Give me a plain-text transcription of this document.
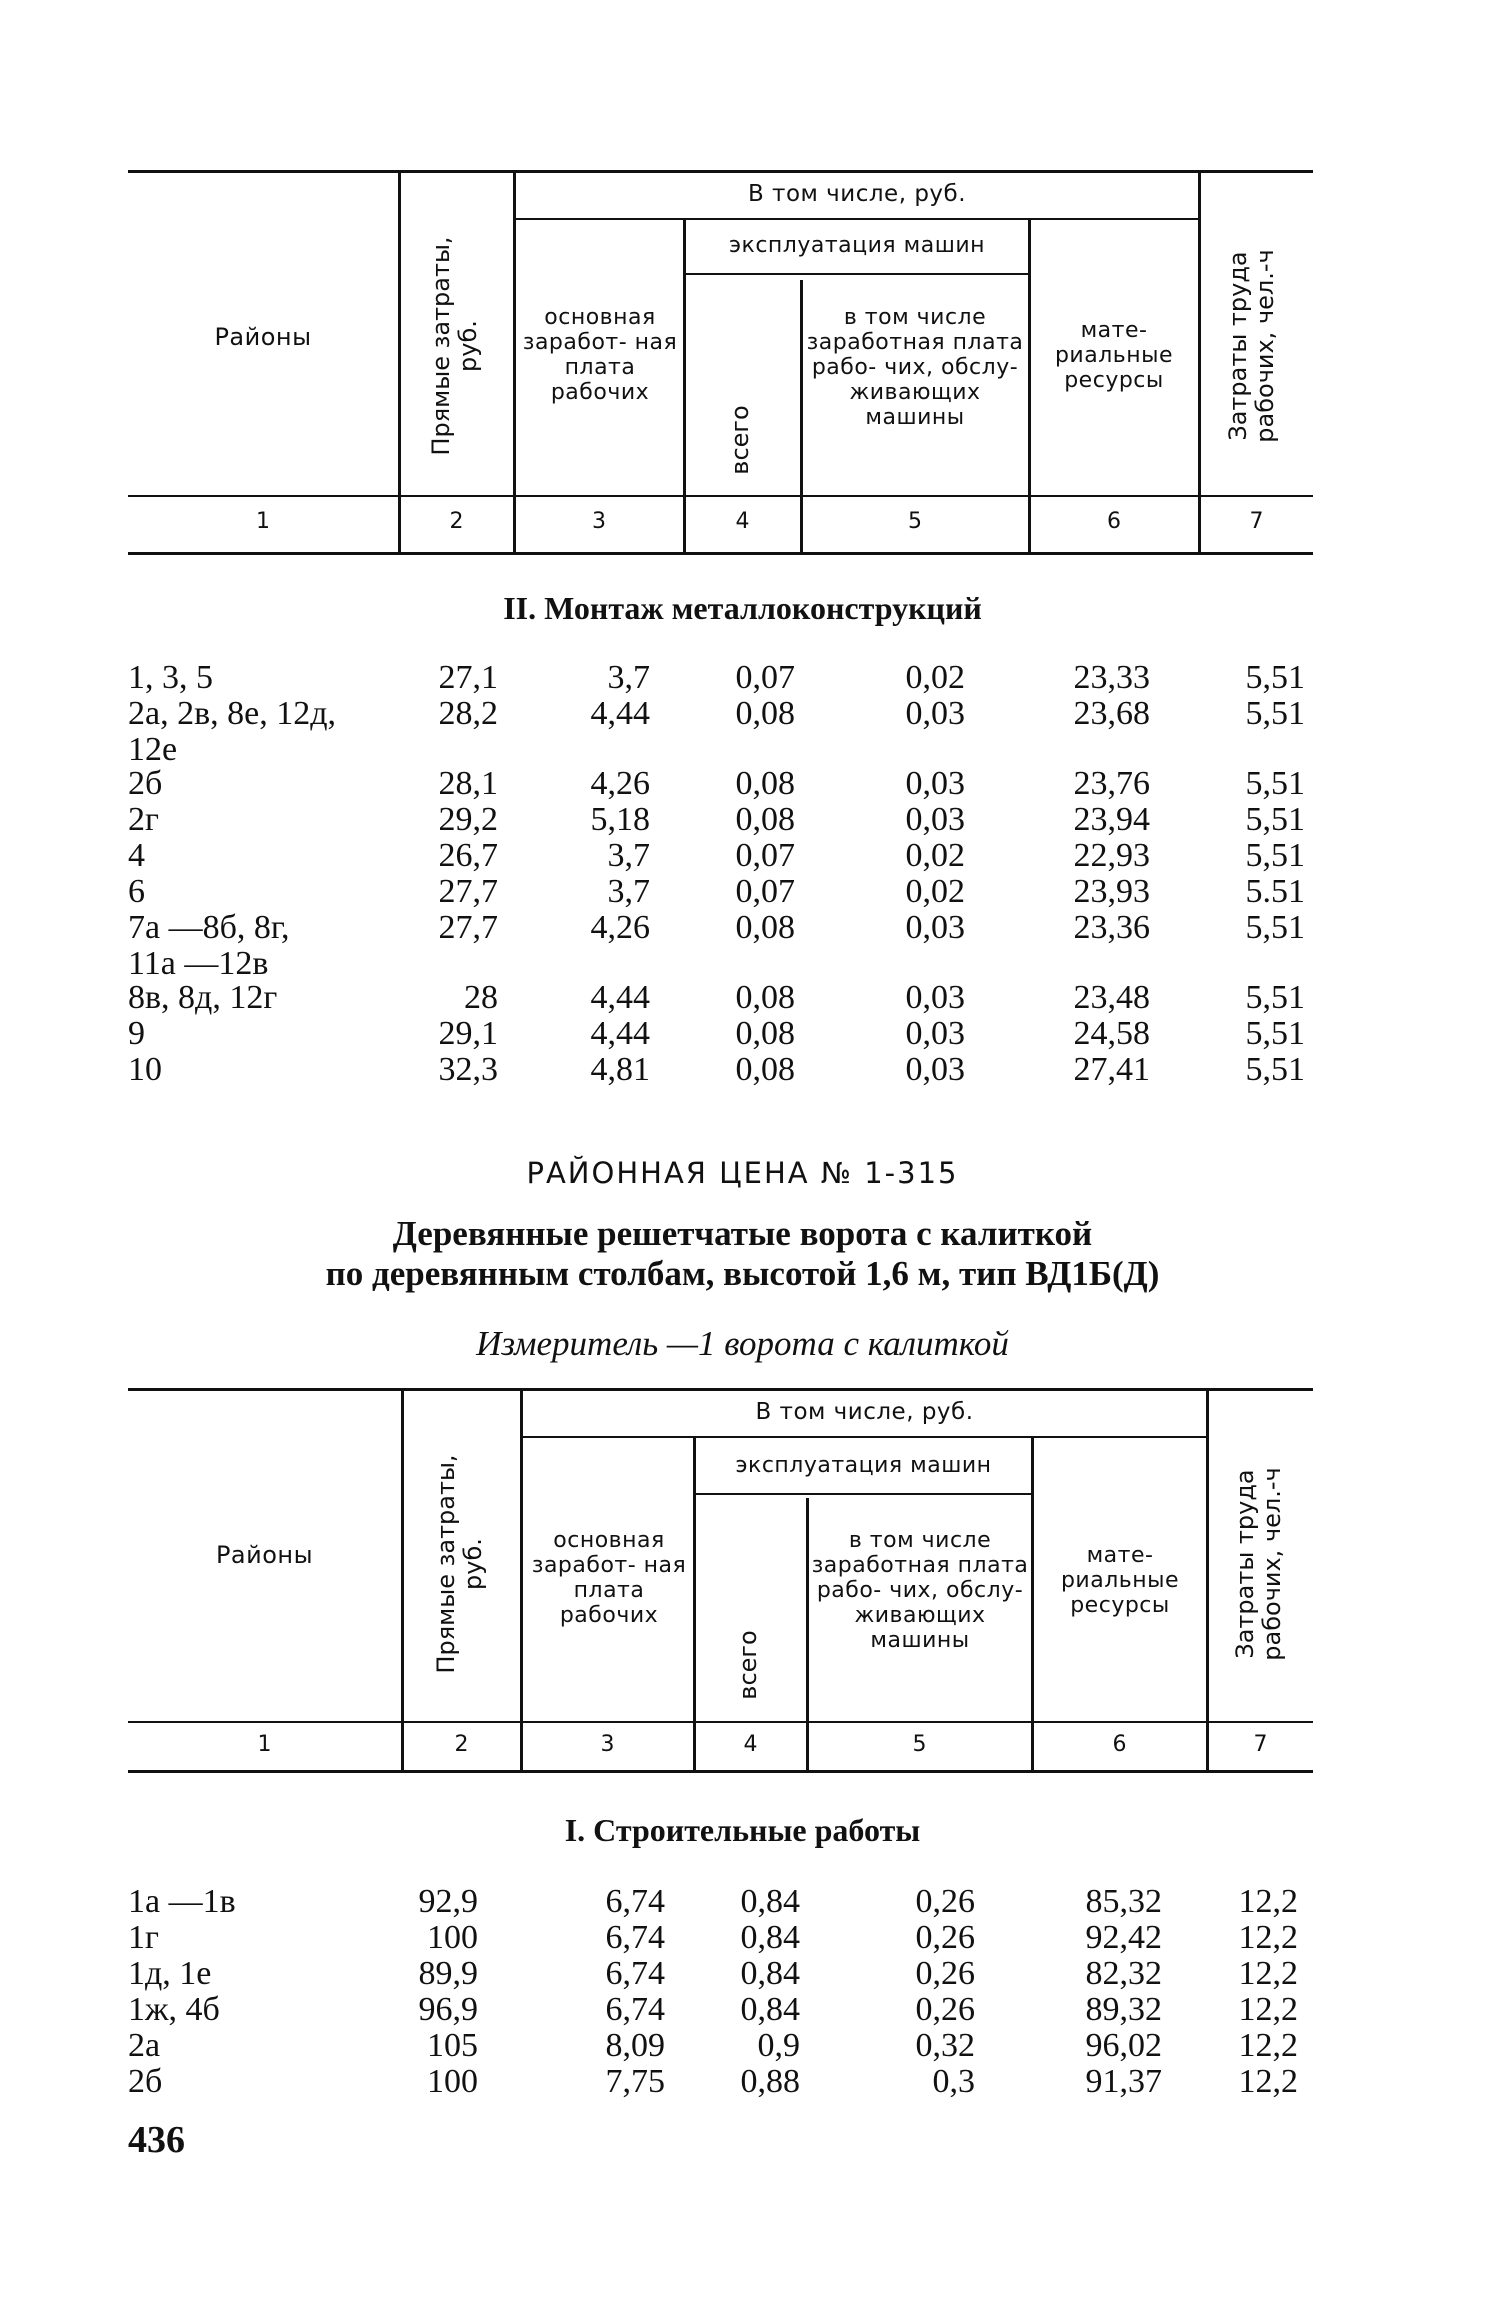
Районы	Прямые затраты, руб.
В том числе, руб.
основная заработ- ная плата рабочих
эксплуатация машин
всего
в том числе заработная плата рабо- чих, обслу- живающих машины
мате- риальные ресурсы	Затраты труда рабочих, чел.-ч
1	2	3	4	5	6	7
II. Монтаж металлоконструкций
1, 3, 5	27,1	3,7	0,07	0,02	23,33	5,51
2а, 2в, 8е, 12д,	28,2	4,44	0,08	0,03	23,68	5,51
12е
2б	28,1	4,26	0,08	0,03	23,76	5,51
2г	29,2	5,18	0,08	0,03	23,94	5,51
4	26,7	3,7	0,07	0,02	22,93	5,51
6	27,7	3,7	0,07	0,02	23,93	5.51
7а —8б, 8г,	27,7	4,26	0,08	0,03	23,36	5,51
11а —12в
8в, 8д, 12г	28	4,44	0,08	0,03	23,48	5,51
9	29,1	4,44	0,08	0,03	24,58	5,51
10	32,3	4,81	0,08	0,03	27,41	5,51
РАЙОННАЯ ЦЕНА № 1-315
Деревянные решетчатые ворота с калиткой
по деревянным столбам, высотой 1,6 м, тип ВД1Б(Д)
Измеритель —1 ворота с калиткой
Районы	Прямые затраты, руб.
В том числе, руб.
основная заработ- ная плата рабочих
эксплуатация машин
всего
в том числе заработная плата рабо- чих, обслу- живающих машины
мате- риальные ресурсы	Затраты труда рабочих, чел.-ч
1	2	3	4	5	6	7
I. Строительные работы
1а —1в	92,9	6,74	0,84	0,26	85,32	12,2
1г	100	6,74	0,84	0,26	92,42	12,2
1д, 1е	89,9	6,74	0,84	0,26	82,32	12,2
1ж, 4б	96,9	6,74	0,84	0,26	89,32	12,2
2а	105	8,09	0,9	0,32	96,02	12,2
2б	100	7,75	0,88	0,3	91,37	12,2
436
